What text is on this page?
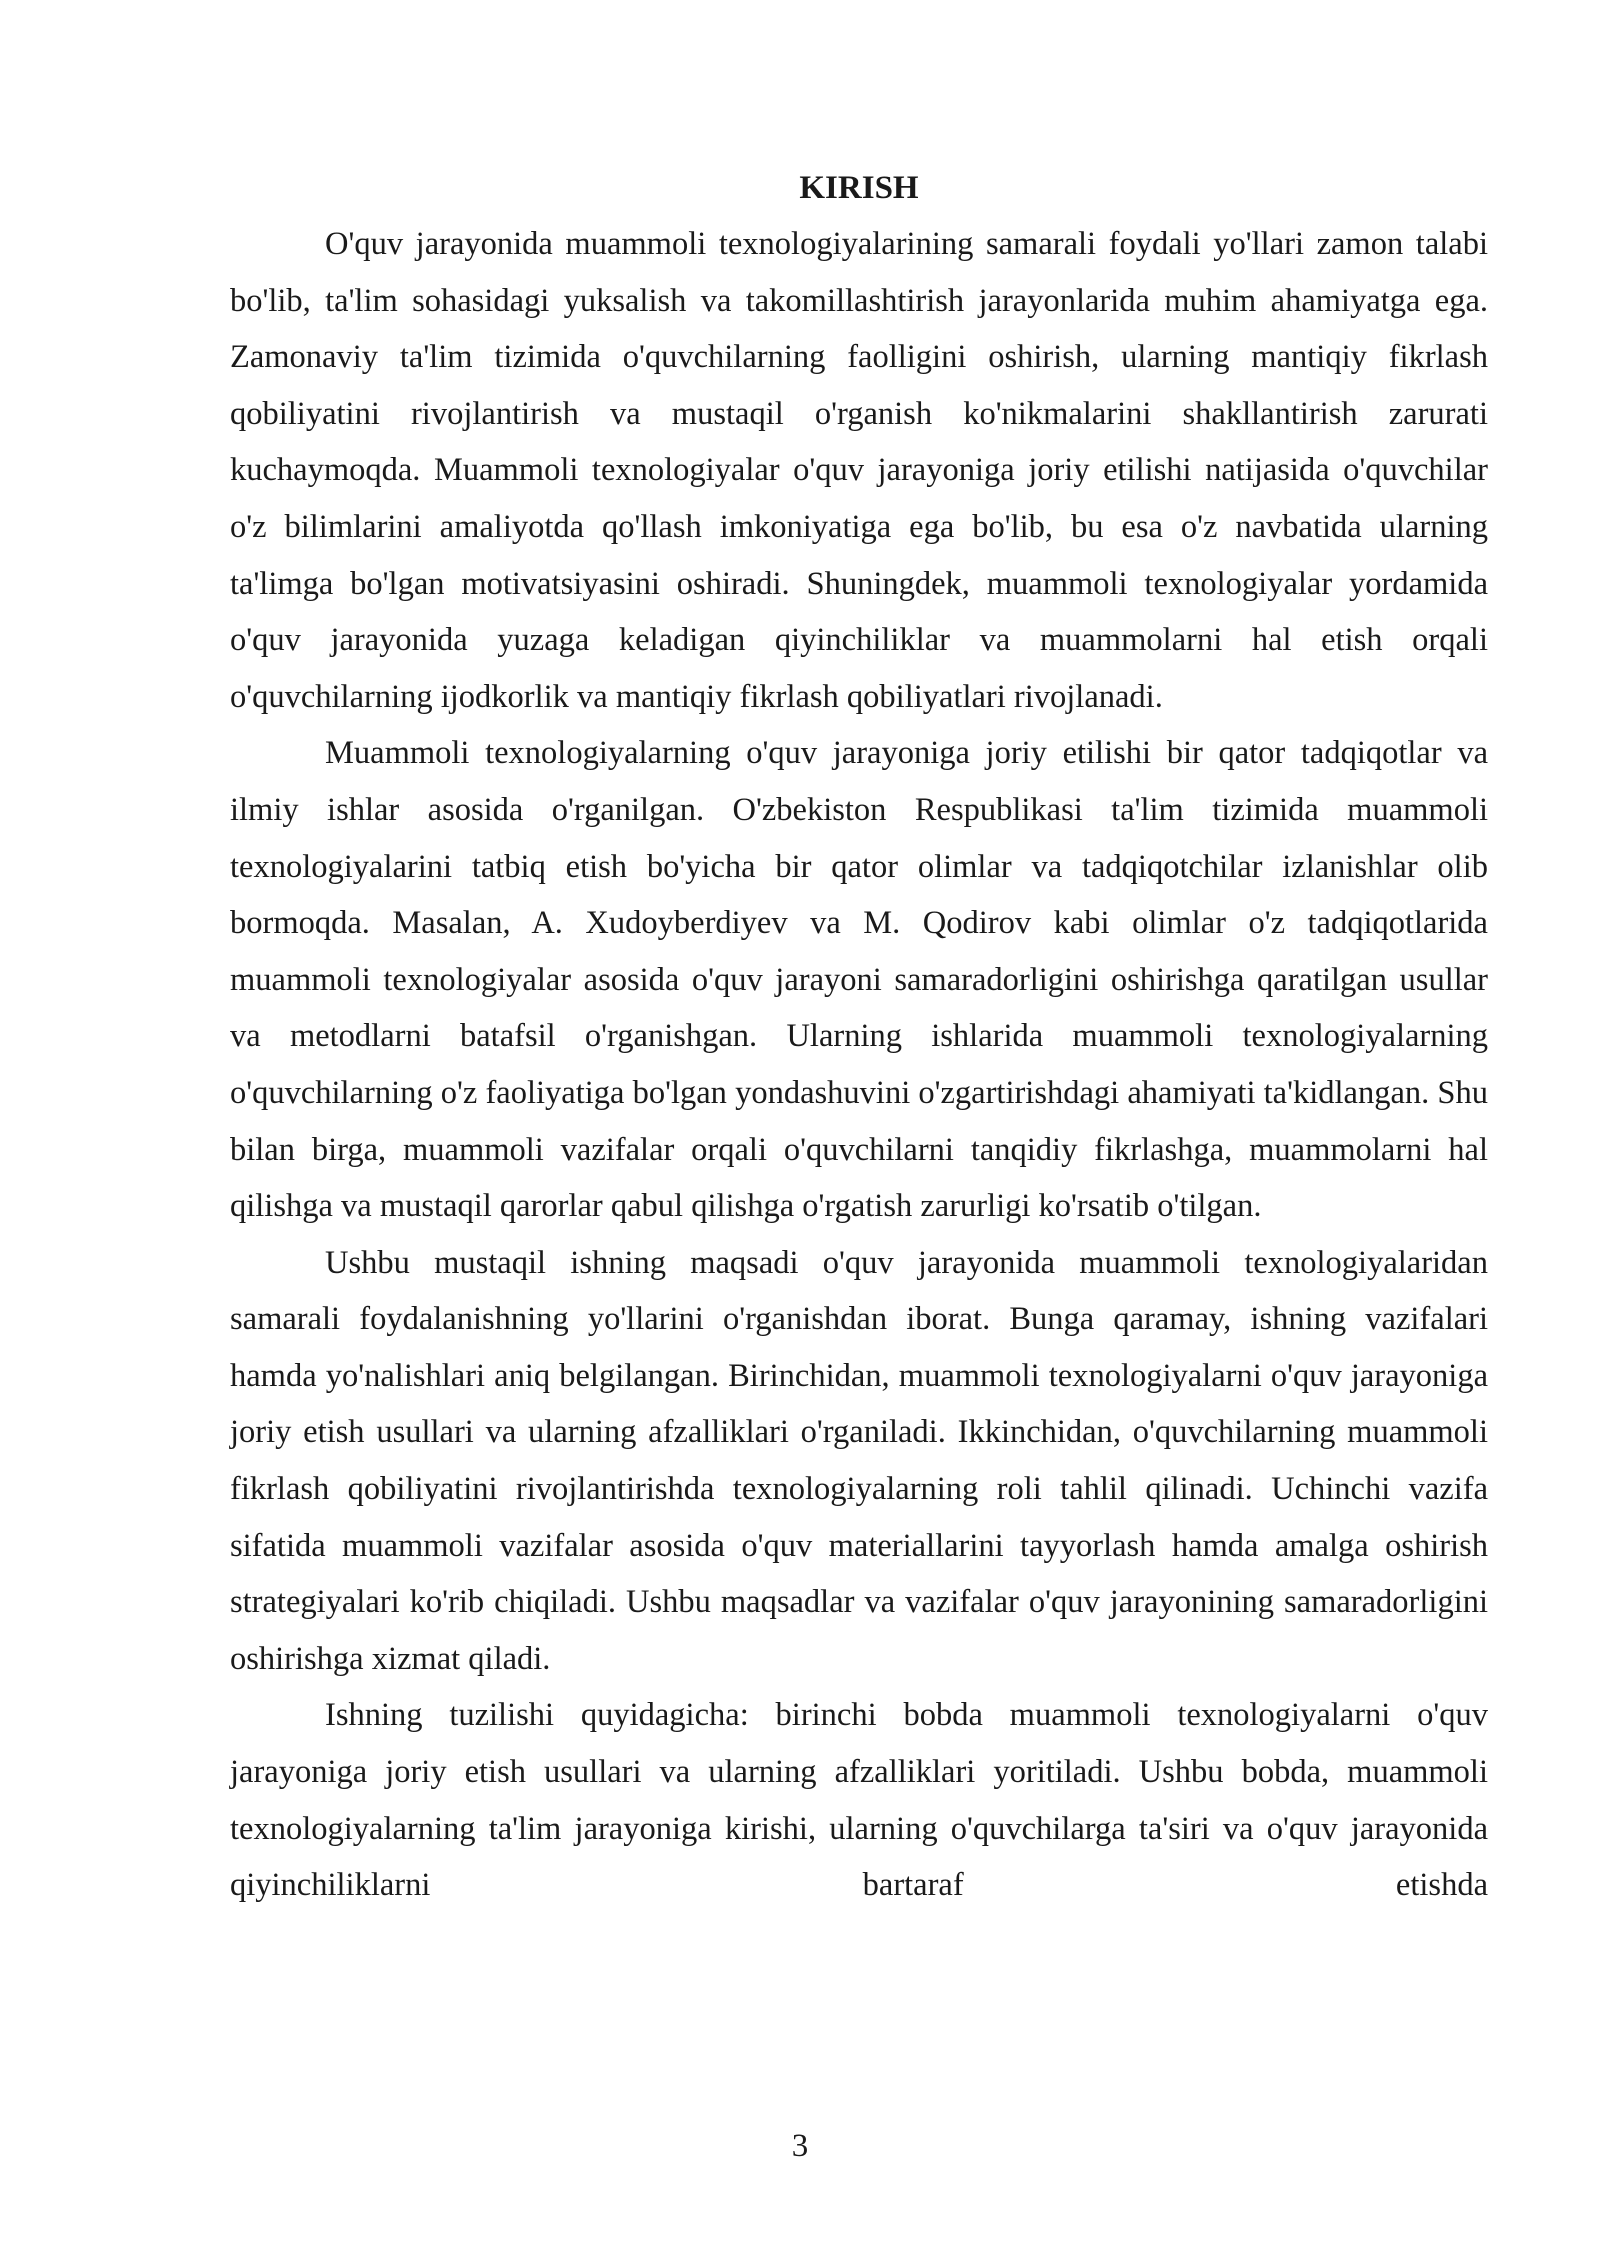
KIRISH

O'quv jarayonida muammoli texnologiyalarining samarali foydali yo'llari zamon talabi bo'lib, ta'lim sohasidagi yuksalish va takomillashtirish jarayonlarida muhim ahamiyatga ega. Zamonaviy ta'lim tizimida o'quvchilarning faolligini oshirish, ularning mantiqiy fikrlash qobiliyatini rivojlantirish va mustaqil o'rganish ko'nikmalarini shakllantirish zarurati kuchaymoqda. Muammoli texnologiyalar o'quv jarayoniga joriy etilishi natijasida o'quvchilar o'z bilimlarini amaliyotda qo'llash imkoniyatiga ega bo'lib, bu esa o'z navbatida ularning ta'limga bo'lgan motivatsiyasini oshiradi. Shuningdek, muammoli texnologiyalar yordamida o'quv jarayonida yuzaga keladigan qiyinchiliklar va muammolarni hal etish orqali o'quvchilarning ijodkorlik va mantiqiy fikrlash qobiliyatlari rivojlanadi.

Muammoli texnologiyalarning o'quv jarayoniga joriy etilishi bir qator tadqiqotlar va ilmiy ishlar asosida o'rganilgan. O'zbekiston Respublikasi ta'lim tizimida muammoli texnologiyalarini tatbiq etish bo'yicha bir qator olimlar va tadqiqotchilar izlanishlar olib bormoqda. Masalan, A. Xudoyberdiyev va M. Qodirov kabi olimlar o'z tadqiqotlarida muammoli texnologiyalar asosida o'quv jarayoni samaradorligini oshirishga qaratilgan usullar va metodlarni batafsil o'rganishgan. Ularning ishlarida muammoli texnologiyalarning o'quvchilarning o'z faoliyatiga bo'lgan yondashuvini o'zgartirishdagi ahamiyati ta'kidlangan. Shu bilan birga, muammoli vazifalar orqali o'quvchilarni tanqidiy fikrlashga, muammolarni hal qilishga va mustaqil qarorlar qabul qilishga o'rgatish zarurligi ko'rsatib o'tilgan.

Ushbu mustaqil ishning maqsadi o'quv jarayonida muammoli texnologiyalaridan samarali foydalanishning yo'llarini o'rganishdan iborat. Bunga qaramay, ishning vazifalari hamda yo'nalishlari aniq belgilangan. Birinchidan, muammoli texnologiyalarni o'quv jarayoniga joriy etish usullari va ularning afzalliklari o'rganiladi. Ikkinchidan, o'quvchilarning muammoli fikrlash qobiliyatini rivojlantirishda texnologiyalarning roli tahlil qilinadi. Uchinchi vazifa sifatida muammoli vazifalar asosida o'quv materiallarini tayyorlash hamda amalga oshirish strategiyalari ko'rib chiqiladi. Ushbu maqsadlar va vazifalar o'quv jarayonining samaradorligini oshirishga xizmat qiladi.

Ishning tuzilishi quyidagicha: birinchi bobda muammoli texnologiyalarni o'quv jarayoniga joriy etish usullari va ularning afzalliklari yoritiladi. Ushbu bobda, muammoli texnologiyalarning ta'lim jarayoniga kirishi, ularning o'quvchilarga ta'siri va o'quv jarayonida qiyinchiliklarni bartaraf etishda

3
